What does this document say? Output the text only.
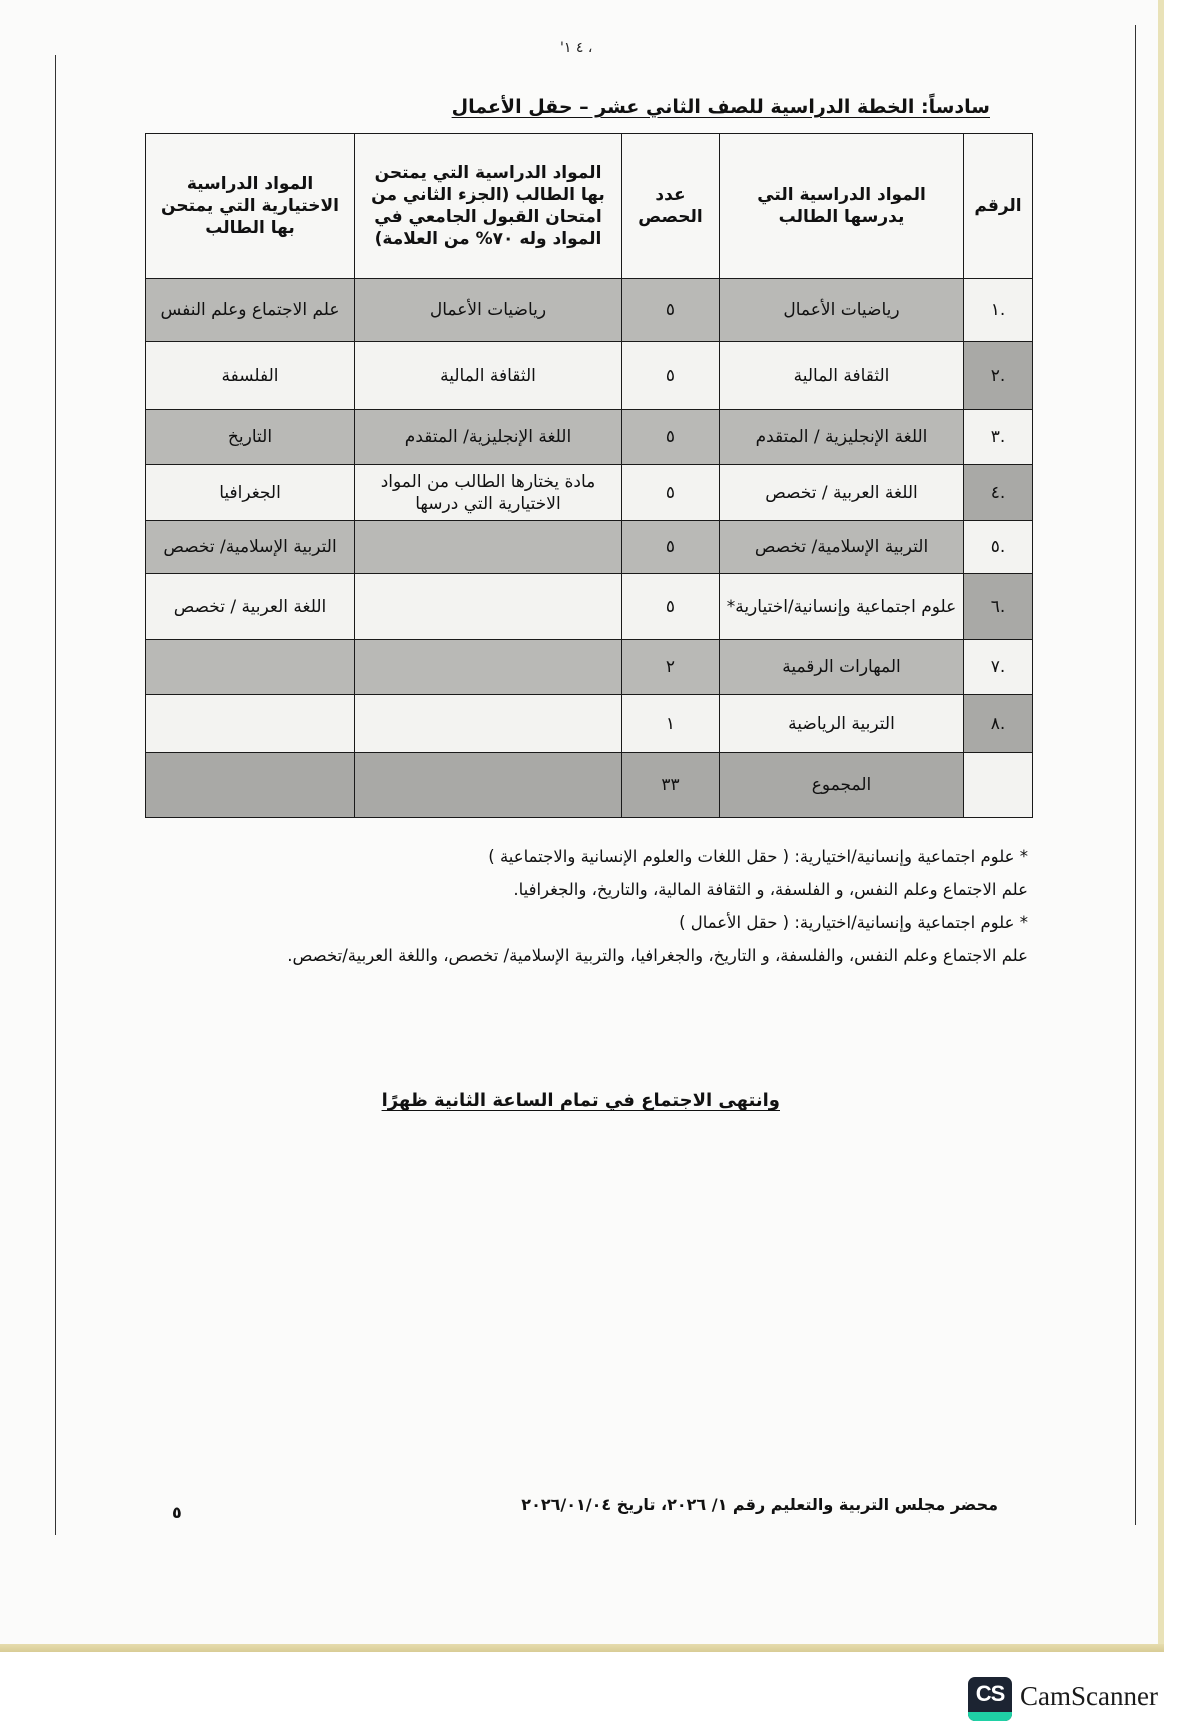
، ٤ ١'
سادساً: الخطة الدراسية للصف الثاني عشر – حقل الأعمال
الرقم	المواد الدراسية التي يدرسها الطالب	عدد الحصص	المواد الدراسية التي يمتحن بها الطالب (الجزء الثاني من امتحان القبول الجامعي في المواد وله ٧٠% من العلامة)	المواد الدراسية الاختيارية التي يمتحن بها الطالب
.١	رياضيات الأعمال	٥	رياضيات الأعمال	علم الاجتماع وعلم النفس
.٢	الثقافة المالية	٥	الثقافة المالية	الفلسفة
.٣	اللغة الإنجليزية / المتقدم	٥	اللغة الإنجليزية/ المتقدم	التاريخ
.٤	اللغة العربية / تخصص	٥	مادة يختارها الطالب من المواد الاختيارية التي درسها	الجغرافيا
.٥	التربية الإسلامية/ تخصص	٥		التربية الإسلامية/ تخصص
.٦	علوم اجتماعية وإنسانية/اختيارية*	٥		اللغة العربية / تخصص
.٧	المهارات الرقمية	٢		
.٨	التربية الرياضية	١		
	المجموع	٣٣		

* علوم اجتماعية وإنسانية/اختيارية: ( حقل اللغات والعلوم الإنسانية والاجتماعية )

علم الاجتماع وعلم النفس، و الفلسفة، و الثقافة المالية، والتاريخ، والجغرافيا.

* علوم اجتماعية وإنسانية/اختيارية: ( حقل الأعمال )

علم الاجتماع وعلم النفس، والفلسفة، و التاريخ، والجغرافيا، والتربية الإسلامية/ تخصص، واللغة العربية/تخصص.

وانتهى الاجتماع في تمام الساعة الثانية ظهرًا
محضر مجلس التربية والتعليم رقم ١/ ٢٠٢٦، تاريخ ٢٠٢٦/٠١/٠٤
٥
CS CamScanner
